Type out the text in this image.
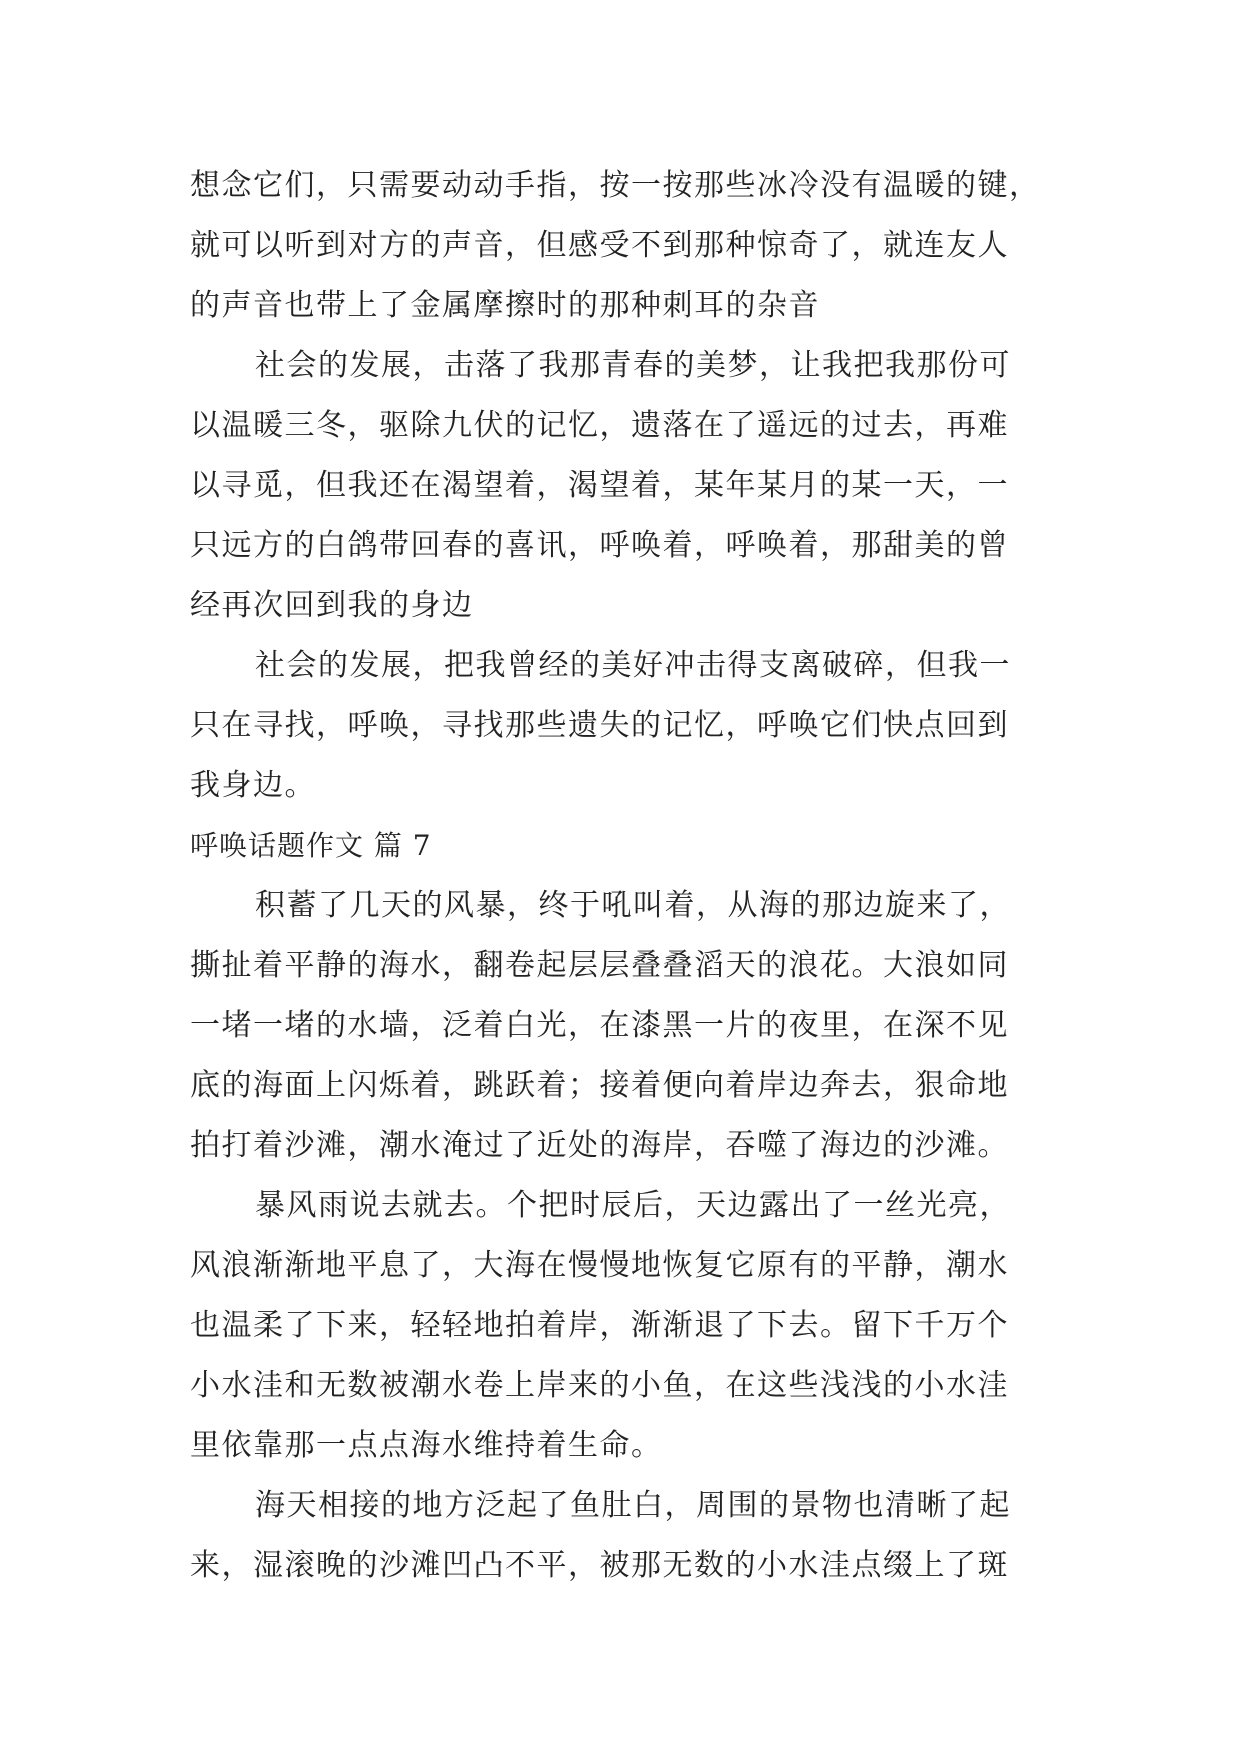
想念它们，只需要动动手指，按一按那些冰冷没有温暖的键，
就可以听到对方的声音，但感受不到那种惊奇了，就连友人
的声音也带上了金属摩擦时的那种刺耳的杂音
社会的发展，击落了我那青春的美梦，让我把我那份可
以温暖三冬，驱除九伏的记忆，遗落在了遥远的过去，再难
以寻觅，但我还在渴望着，渴望着，某年某月的某一天，一
只远方的白鸽带回春的喜讯，呼唤着，呼唤着，那甜美的曾
经再次回到我的身边
社会的发展，把我曾经的美好冲击得支离破碎，但我一
只在寻找，呼唤，寻找那些遗失的记忆，呼唤它们快点回到
我身边。
呼唤话题作文 篇 7
积蓄了几天的风暴，终于吼叫着，从海的那边旋来了，
撕扯着平静的海水，翻卷起层层叠叠滔天的浪花。大浪如同
一堵一堵的水墙，泛着白光，在漆黑一片的夜里，在深不见
底的海面上闪烁着，跳跃着；接着便向着岸边奔去，狠命地
拍打着沙滩，潮水淹过了近处的海岸，吞噬了海边的沙滩。
暴风雨说去就去。个把时辰后，天边露出了一丝光亮，
风浪渐渐地平息了，大海在慢慢地恢复它原有的平静，潮水
也温柔了下来，轻轻地拍着岸，渐渐退了下去。留下千万个
小水洼和无数被潮水卷上岸来的小鱼，在这些浅浅的小水洼
里依靠那一点点海水维持着生命。
海天相接的地方泛起了鱼肚白，周围的景物也清晰了起
来，湿滚晚的沙滩凹凸不平，被那无数的小水洼点缀上了斑
